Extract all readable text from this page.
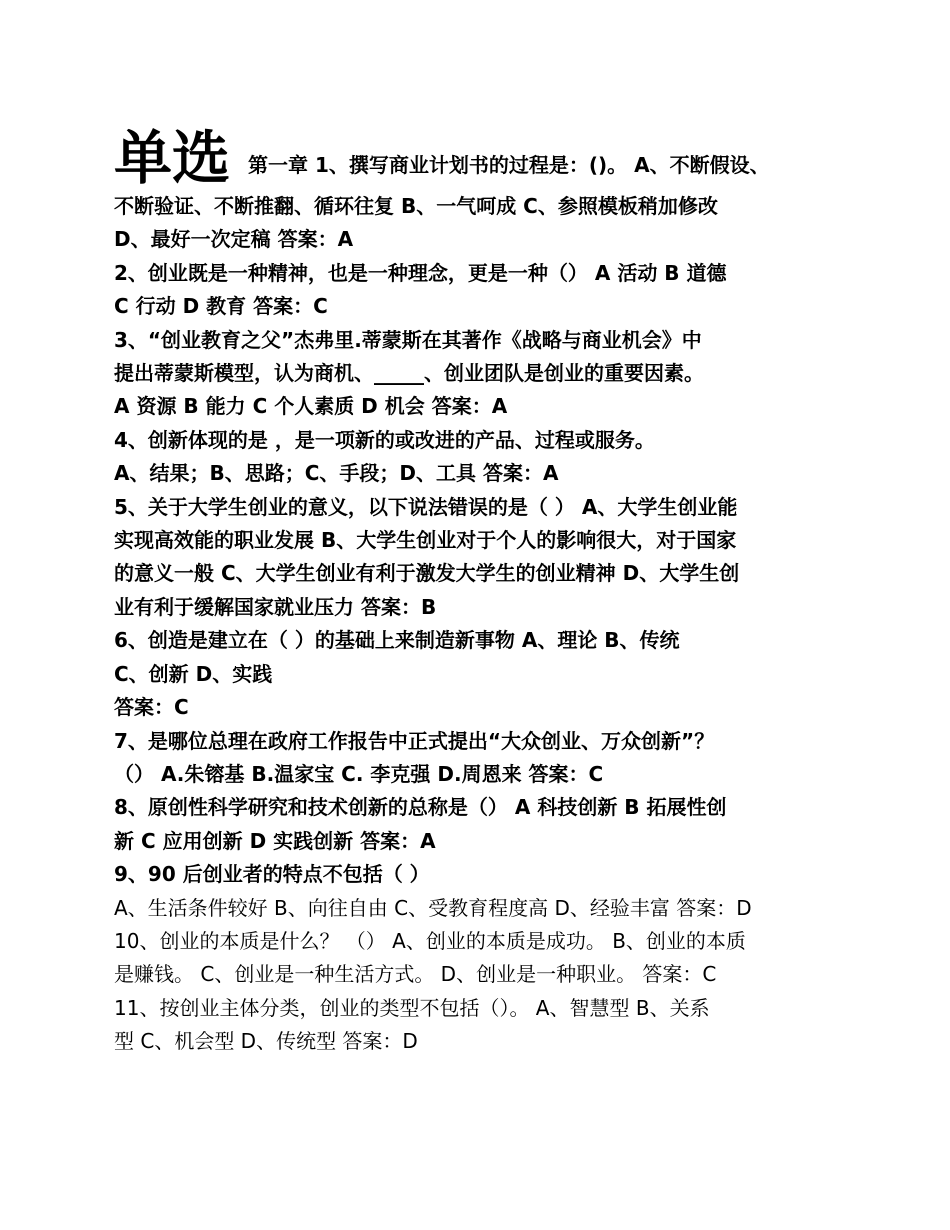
单选 第一章 1、撰写商业计划书的过程是：()。 A、不断假设、
不断验证、不断推翻、循环往复 B、一气呵成 C、参照模板稍加修改
D、最好一次定稿 答案：A
2、创业既是一种精神，也是一种理念，更是一种（） A 活动 B 道德
C 行动 D 教育 答案：C
3、“创业教育之父”杰弗里.蒂蒙斯在其著作《战略与商业机会》中
提出蒂蒙斯模型，认为商机、_____、创业团队是创业的重要因素。
A 资源 B 能力 C 个人素质 D 机会 答案：A
4、创新体现的是 ，是一项新的或改进的产品、过程或服务。
A、结果；B、思路；C、手段；D、工具 答案：A
5、关于大学生创业的意义，以下说法错误的是（ ） A、大学生创业能
实现高效能的职业发展 B、大学生创业对于个人的影响很大，对于国家
的意义一般 C、大学生创业有利于激发大学生的创业精神 D、大学生创
业有利于缓解国家就业压力 答案：B
6、创造是建立在（ ）的基础上来制造新事物 A、理论 B、传统
C、创新 D、实践
答案：C
7、是哪位总理在政府工作报告中正式提出“大众创业、万众创新”？
（） A.朱镕基 B.温家宝 C. 李克强 D.周恩来 答案：C
8、原创性科学研究和技术创新的总称是（） A 科技创新 B 拓展性创
新 C 应用创新 D 实践创新 答案：A
9、90 后创业者的特点不包括（ ）
A、生活条件较好 B、向往自由 C、受教育程度高 D、经验丰富 答案：D
10、创业的本质是什么？ （） A、创业的本质是成功。 B、创业的本质
是赚钱。 C、创业是一种生活方式。 D、创业是一种职业。 答案：C
11、按创业主体分类，创业的类型不包括（）。 A、智慧型 B、关系
型 C、机会型 D、传统型 答案：D
